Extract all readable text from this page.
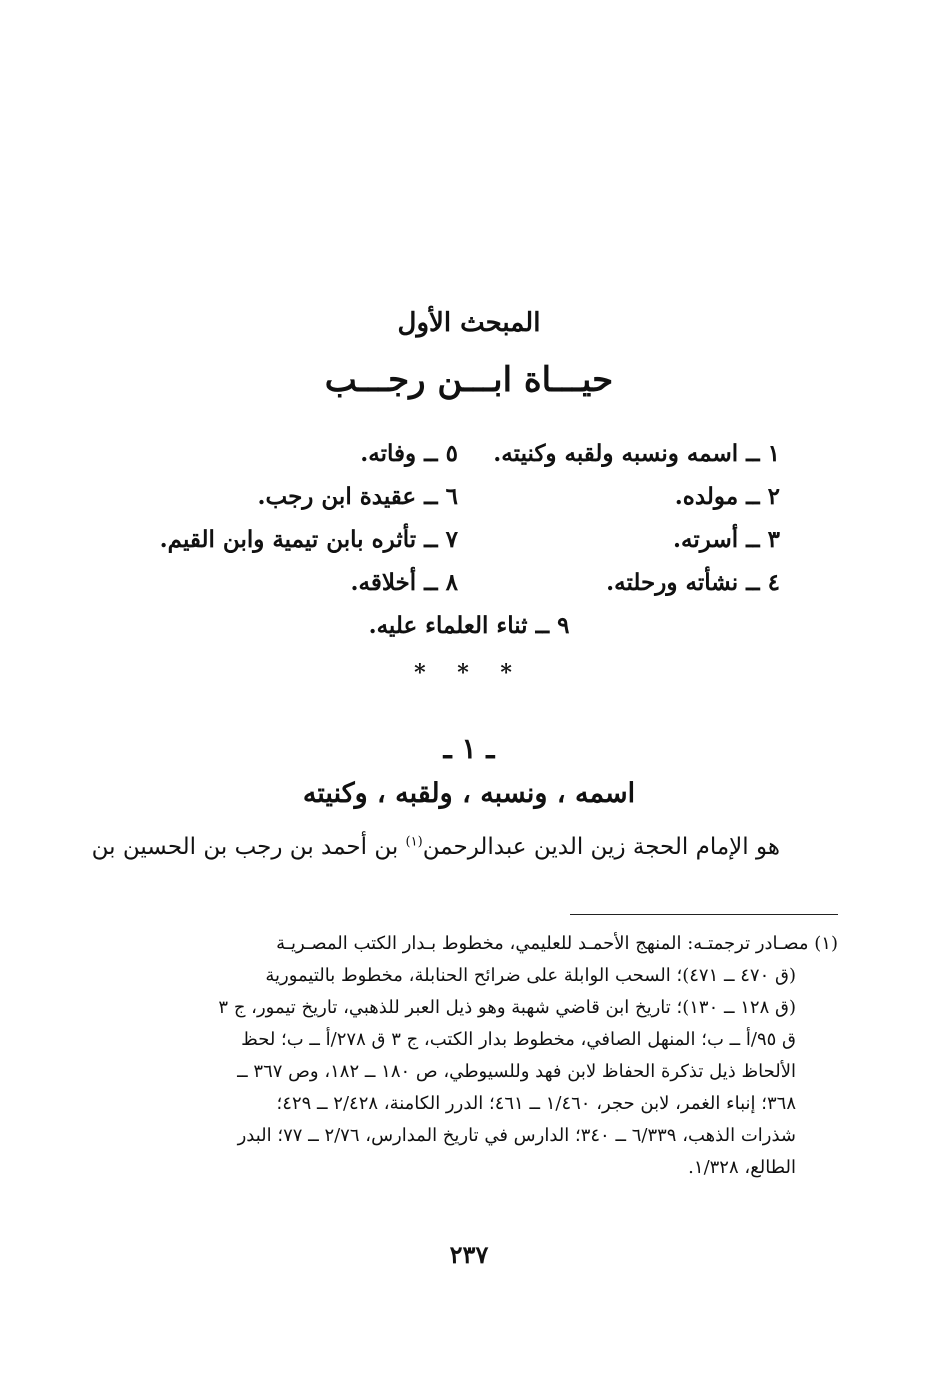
المبحث الأول
حيـــاة ابـــن رجـــب
١ ــ اسمه ونسبه ولقبه وكنيته.
٥ ــ وفاته.
٢ ــ مولده.
٦ ــ عقيدة ابن رجب.
٣ ــ أسرته.
٧ ــ تأثره بابن تيمية وابن القيم.
٤ ــ نشأته ورحلته.
٨ ــ أخلاقه.
٩ ــ ثناء العلماء عليه.
* * *
ـ ١ ـ
اسمه ، ونسبه ، ولقبه ، وكنيته
هو الإمام الحجة زين الدين عبدالرحمن$^{(١)}$ بن أحمد بن رجب بن الحسين بن
(١) مصـادر ترجمتـه: المنهج الأحمـد للعليمي، مخطوط بـدار الكتب المصـريـة
(ق ٤٧٠ ــ ٤٧١)؛ السحب الوابلة على ضرائح الحنابلة، مخطوط بالتيمورية
(ق ١٢٨ ــ ١٣٠)؛ تاريخ ابن قاضي شهبة وهو ذيل العبر للذهبي، تاريخ تيمور، ج ٣
ق ٩٥/أ ــ ب؛ المنهل الصافي، مخطوط بدار الكتب، ج ٣ ق ٢٧٨/أ ــ ب؛ لحظ
الألحاظ ذيل تذكرة الحفاظ لابن فهد وللسيوطي، ص ١٨٠ ــ ١٨٢، وص ٣٦٧ ــ
٣٦٨؛ إنباء الغمر، لابن حجر، ١/٤٦٠ ــ ٤٦١؛ الدرر الكامنة، ٢/٤٢٨ ــ ٤٢٩؛
شذرات الذهب، ٦/٣٣٩ ــ ٣٤٠؛ الدارس في تاريخ المدارس، ٢/٧٦ ــ ٧٧؛ البدر
الطالع، ١/٣٢٨.
٢٣٧
